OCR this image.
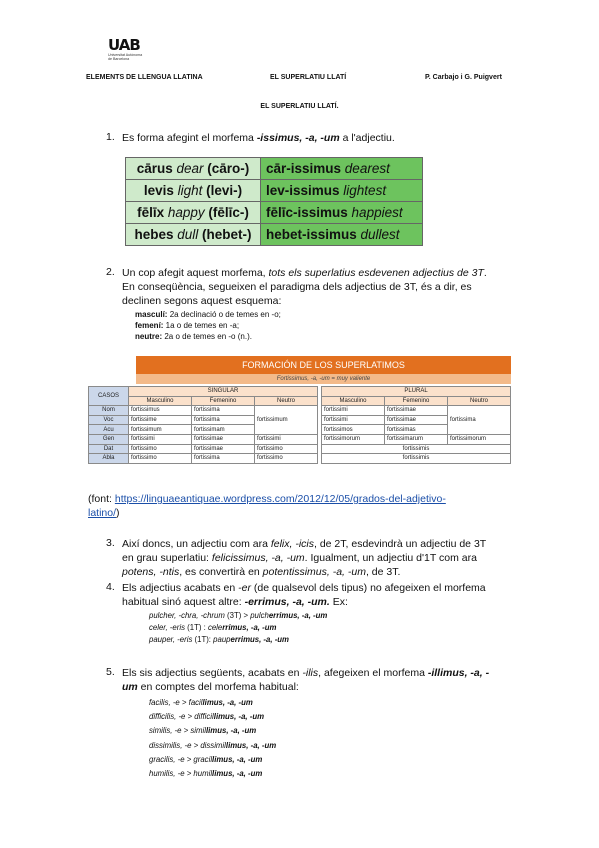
UAB
Universitat Autònoma
de Barcelona
ELEMENTS DE LLENGUA LLATINA	EL SUPERLATIU LLATÍ	P. Carbajo i G. Puigvert
EL SUPERLATIU LLATÍ.
1. Es forma afegint el morfema -issimus, -a, -um a l'adjectiu.
cārus dear (cāro-)	cār-issimus dearest
levis light (levi-)	lev-issimus lightest
fēlīx happy (fēlīc-)	fēlīc-issimus happiest
hebes dull (hebet-)	hebet-issimus dullest
2. Un cop afegit aquest morfema, tots els superlatius esdevenen adjectius de 3T.
En conseqüència, segueixen el paradigma dels adjectius de 3T, és a dir, es
declinen segons aquest esquema:
masculí: 2a declinació o de temes en -o;
femení: 1a o de temes en -a;
neutre: 2a o de temes en -o (n.).
FORMACIÓN DE LOS SUPERLATIMOS
Fortissimus, -a, -um = muy valiente
CASOS	SINGULAR				PLURAL		
	Masculino	Femenino	Neutro		Masculino	Femenino	Neutro
Nom	fortissimus	fortissima	fortissimum		fortissimi	fortissimae	fortissima
Voc	fortissime	fortissima			fortissimi	fortissimae	
Acu	fortissimum	fortissimam			fortissimos	fortissimas	
Gen	fortissimi	fortissimae	fortissimi		fortissimorum	fortissimarum	fortissimorum
Dat	fortissimo	fortissimae	fortissimo		fortissimis		
Abla	fortissimo	fortissima	fortissimo		fortissimis		
(font: https://linguaeantiquae.wordpress.com/2012/12/05/grados-del-adjetivo-
latino/)
3. Així doncs, un adjectiu com ara felix, -icis, de 2T, esdevindrà un adjectiu de 3T
en grau superlatiu: felicissimus, -a, -um. Igualment, un adjectiu d'1T com ara
potens, -ntis, es convertirà en potentissimus, -a, -um, de 3T.
4. Els adjectius acabats en -er (de qualsevol dels tipus) no afegeixen el morfema
habitual sinó aquest altre: -errimus, -a, -um. Ex:
pulcher, -chra, -chrum (3T) > pulcherrimus, -a, -um
celer, -eris (1T) : celerrimus, -a, -um
pauper, -eris (1T): pauperrimus, -a, -um
5. Els sis adjectius següents, acabats en -ilis, afegeixen el morfema -illimus, -a, -
um en comptes del morfema habitual:
facilis, -e > facillimus, -a, -um
difficilis, -e > difficillimus, -a, -um
similis, -e > simillimus, -a, -um
dissimilis, -e > dissimillimus, -a, -um
gracilis, -e > gracillimus, -a, -um
humilis, -e > humillimus, -a, -um
